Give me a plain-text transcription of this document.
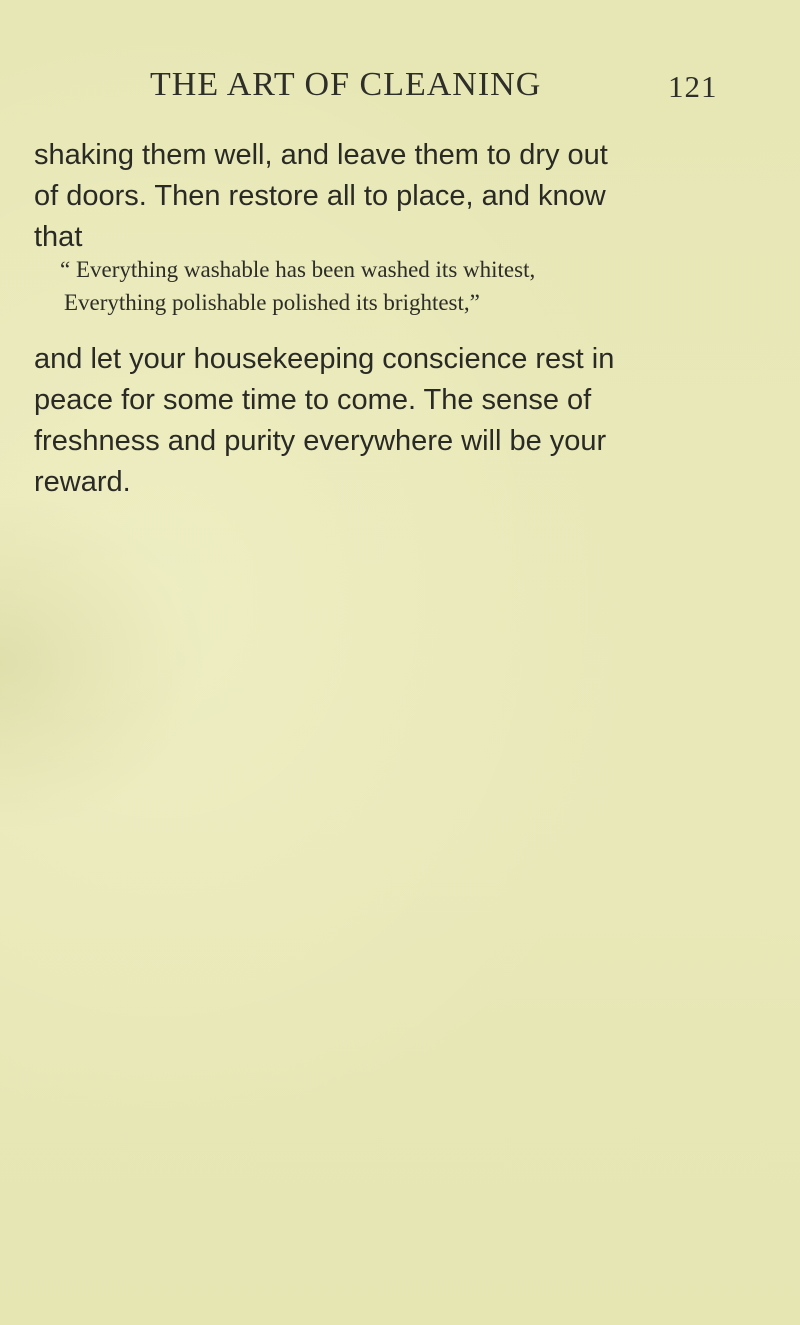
THE ART OF CLEANING	121
shaking them well, and leave them to dry out
of doors. Then restore all to place, and know
that
“ Everything washable has been washed its whitest,
Everything polishable polished its brightest,”
and let your housekeeping conscience rest in
peace for some time to come. The sense of
freshness and purity everywhere will be your
reward.
